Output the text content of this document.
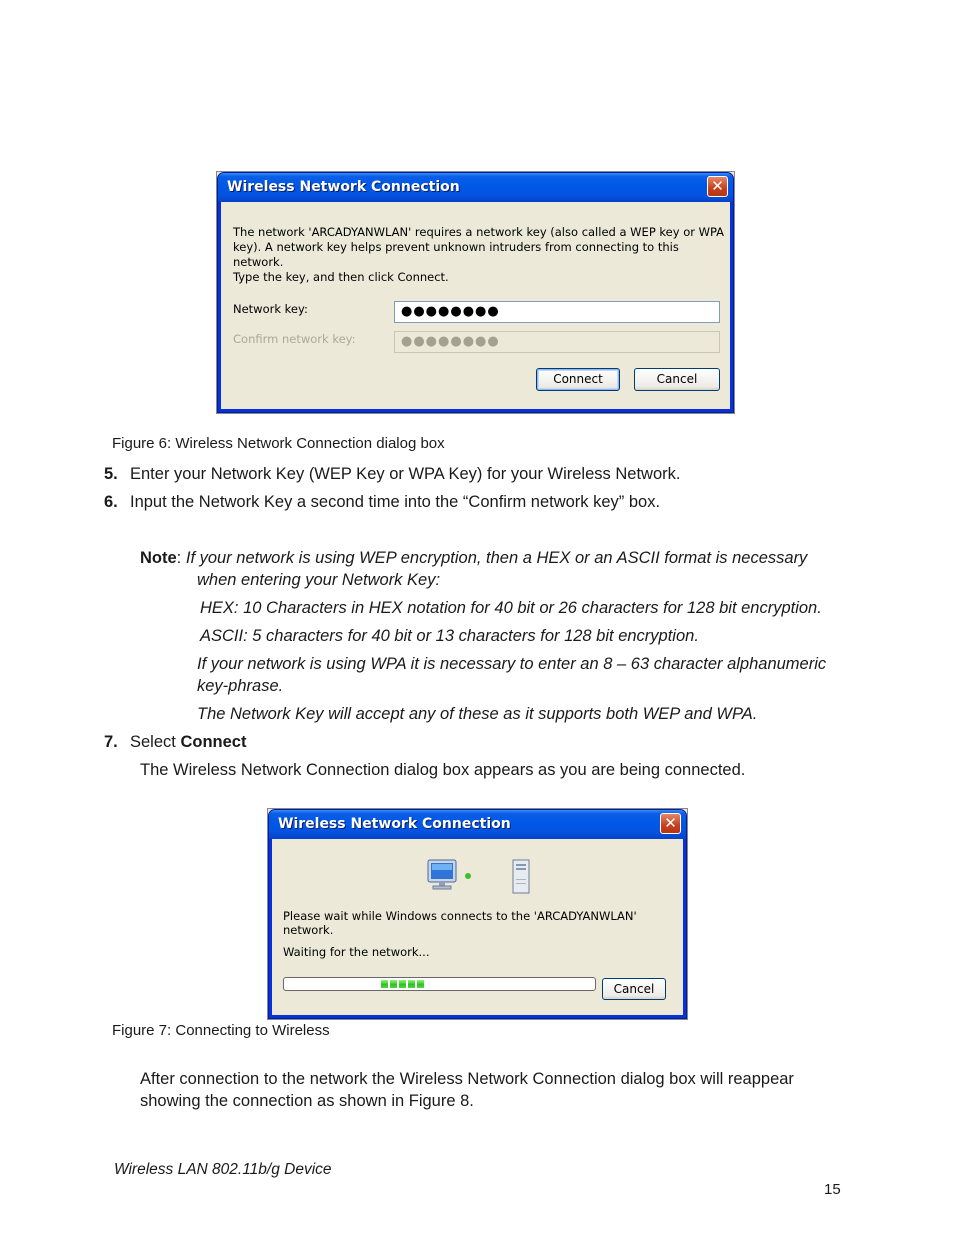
Wireless Network Connection	✕
The network 'ARCADYANWLAN' requires a network key (also called a WEP key or WPA
key). A network key helps prevent unknown intruders from connecting to this network.
Type the key, and then click Connect.
Network key:	●●●●●●●●
Confirm network key:	●●●●●●●●
Connect	Cancel
Figure 6: Wireless Network Connection dialog box
5. Enter your Network Key (WEP Key or WPA Key) for your Wireless Network.
6. Input the Network Key a second time into the “Confirm network key” box.
Note: If your network is using WEP encryption, then a HEX or an ASCII format is necessary
when entering your Network Key:
HEX: 10 Characters in HEX notation for 40 bit or 26 characters for 128 bit encryption.
ASCII: 5 characters for 40 bit or 13 characters for 128 bit encryption.
If your network is using WPA it is necessary to enter an 8 – 63 character alphanumeric
key-phrase.
The Network Key will accept any of these as it supports both WEP and WPA.
7. Select Connect
The Wireless Network Connection dialog box appears as you are being connected.
Wireless Network Connection	✕
Please wait while Windows connects to the 'ARCADYANWLAN' network.
Waiting for the network...
Cancel
Figure 7: Connecting to Wireless
After connection to the network the Wireless Network Connection dialog box will reappear
showing the connection as shown in Figure 8.
Wireless LAN 802.11b/g Device
15
